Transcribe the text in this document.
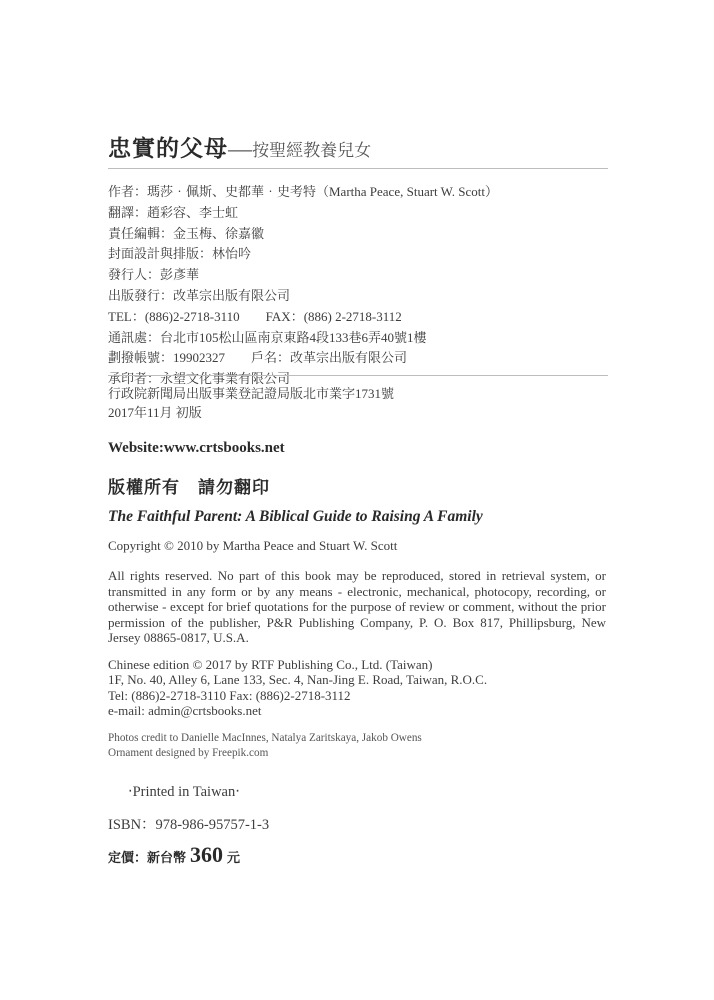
忠實的父母──按聖經教養兒女
作者：瑪莎‧佩斯、史都華‧史考特（Martha Peace, Stuart W. Scott）
翻譯：趙彩容、李士虹
責任編輯：金玉梅、徐嘉徽
封面設計與排版：林怡吟
發行人：彭彥華
出版發行：改革宗出版有限公司
TEL：(886)2-2718-3110　　FAX：(886) 2-2718-3112
通訊處：台北市105松山區南京東路4段133巷6弄40號1樓
劃撥帳號：19902327　　戶名：改革宗出版有限公司
承印者：永望文化事業有限公司
行政院新聞局出版事業登記證局版北市業字1731號
2017年11月 初版
Website:www.crtsbooks.net
版權所有　請勿翻印
The Faithful Parent: A Biblical Guide to Raising A Family
Copyright © 2010 by Martha Peace and Stuart W. Scott

All rights reserved. No part of this book may be reproduced, stored in retrieval system, or transmitted in any form or by any means - electronic, mechanical, photocopy, recording, or otherwise - except for brief quotations for the purpose of review or comment, without the prior permission of the publisher, P&R Publishing Company, P. O. Box 817, Phillipsburg, New Jersey 08865-0817, U.S.A.

Chinese edition © 2017 by RTF Publishing Co., Ltd. (Taiwan)
1F, No. 40, Alley 6, Lane 133, Sec. 4, Nan-Jing E. Road, Taiwan, R.O.C.
Tel: (886)2-2718-3110 Fax: (886)2-2718-3112
e-mail: admin@crtsbooks.net
Photos credit to Danielle MacInnes, Natalya Zaritskaya, Jakob Owens
Ornament designed by Freepik.com
‧Printed in Taiwan‧
ISBN：978-986-95757-1-3
定價：新台幣 360 元
